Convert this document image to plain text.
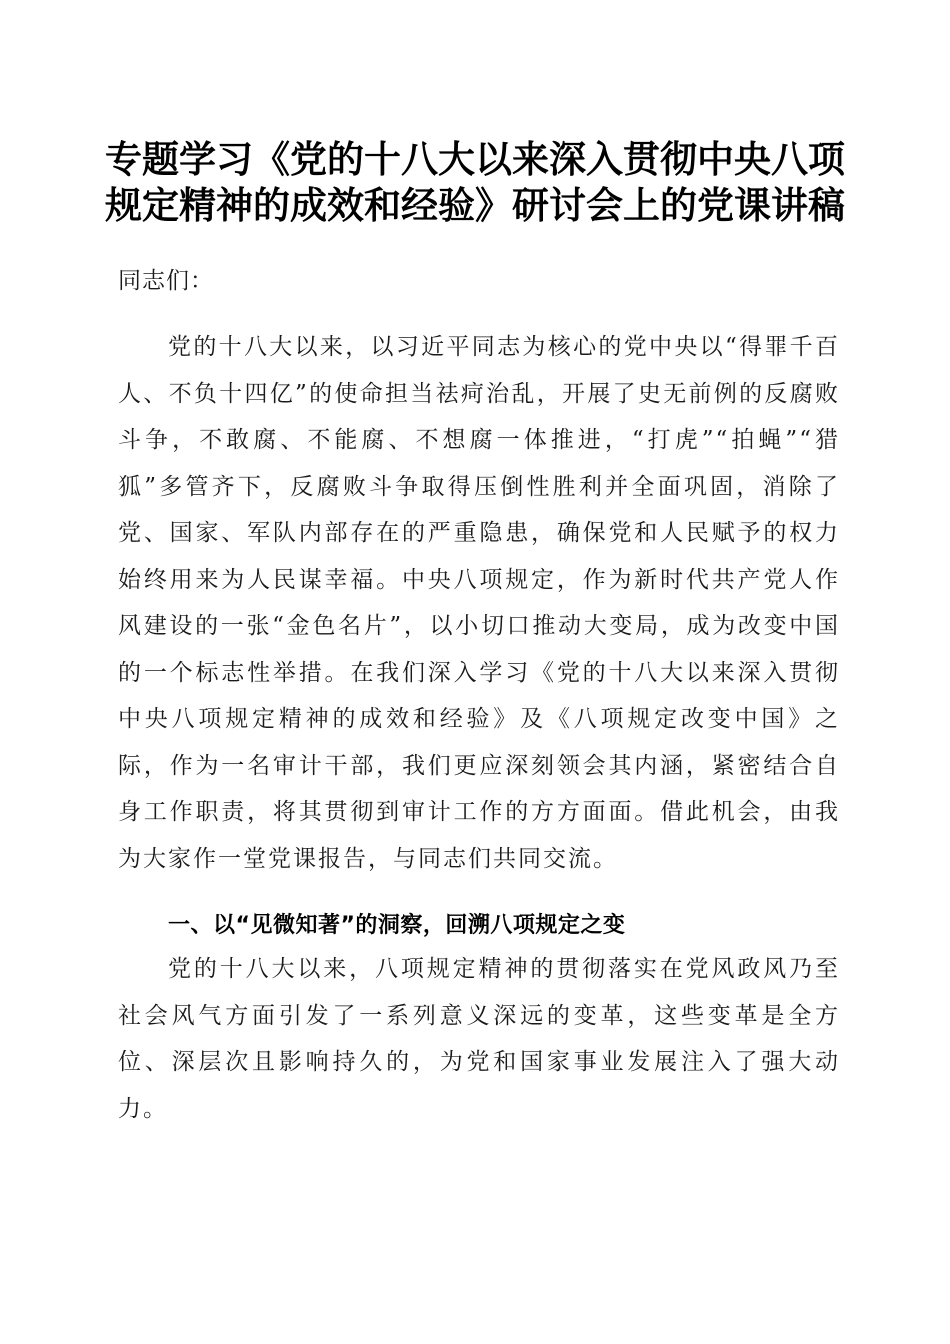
专题学习《党的十八大以来深入贯彻中央八项
规定精神的成效和经验》研讨会上的党课讲稿

同志们：

党的十八大以来，以习近平同志为核心的党中央以“得罪千百人、不负十四亿”的使命担当祛疴治乱，开展了史无前例的反腐败斗争，不敢腐、不能腐、不想腐一体推进，“打虎”“拍蝇”“猎狐”多管齐下，反腐败斗争取得压倒性胜利并全面巩固，消除了党、国家、军队内部存在的严重隐患，确保党和人民赋予的权力始终用来为人民谋幸福。中央八项规定，作为新时代共产党人作风建设的一张“金色名片”，以小切口推动大变局，成为改变中国的一个标志性举措。在我们深入学习《党的十八大以来深入贯彻中央八项规定精神的成效和经验》及《八项规定改变中国》之际，作为一名审计干部，我们更应深刻领会其内涵，紧密结合自身工作职责，将其贯彻到审计工作的方方面面。借此机会，由我为大家作一堂党课报告，与同志们共同交流。

一、以“见微知著”的洞察，回溯八项规定之变

党的十八大以来，八项规定精神的贯彻落实在党风政风乃至社会风气方面引发了一系列意义深远的变革，这些变革是全方位、深层次且影响持久的，为党和国家事业发展注入了强大动力。
